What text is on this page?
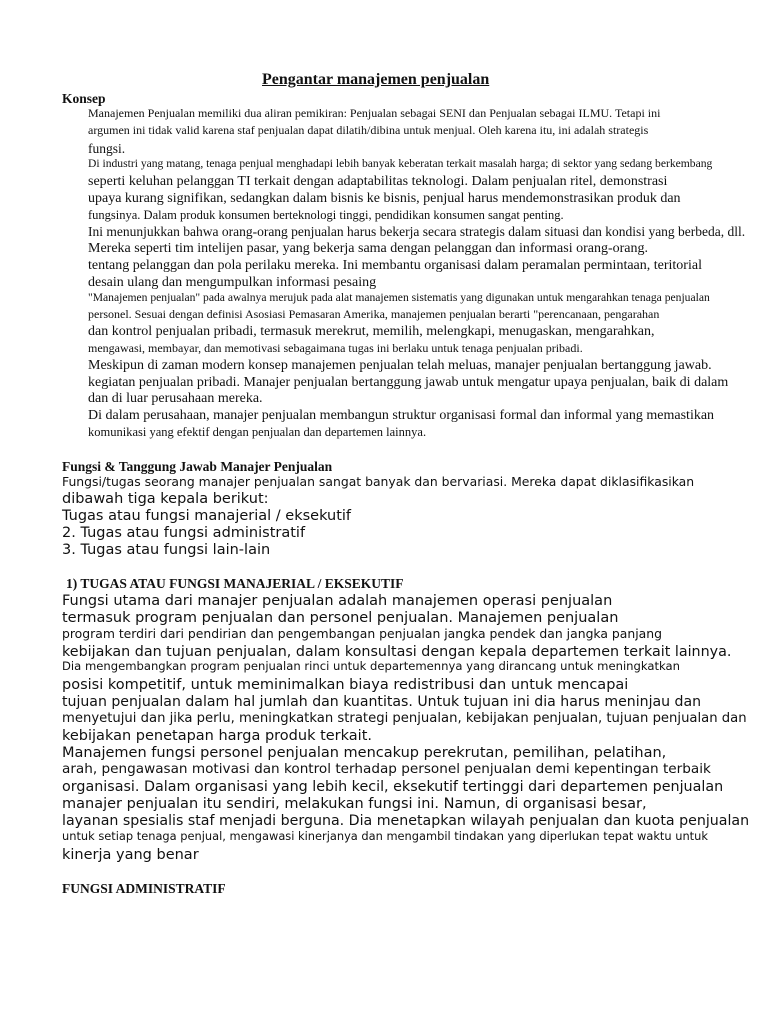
Pengantar manajemen penjualan
Konsep

Manajemen Penjualan memiliki dua aliran pemikiran: Penjualan sebagai SENI dan Penjualan sebagai ILMU. Tetapi ini

argumen ini tidak valid karena staf penjualan dapat dilatih/dibina untuk menjual. Oleh karena itu, ini adalah strategis

fungsi.

Di industri yang matang, tenaga penjual menghadapi lebih banyak keberatan terkait masalah harga; di sektor yang sedang berkembang

seperti keluhan pelanggan TI terkait dengan adaptabilitas teknologi. Dalam penjualan ritel, demonstrasi

upaya kurang signifikan, sedangkan dalam bisnis ke bisnis, penjual harus mendemonstrasikan produk dan

fungsinya. Dalam produk konsumen berteknologi tinggi, pendidikan konsumen sangat penting.

Ini menunjukkan bahwa orang-orang penjualan harus bekerja secara strategis dalam situasi dan kondisi yang berbeda, dll.

Mereka seperti tim intelijen pasar, yang bekerja sama dengan pelanggan dan informasi orang-orang.

tentang pelanggan dan pola perilaku mereka. Ini membantu organisasi dalam peramalan permintaan, teritorial

desain ulang dan mengumpulkan informasi pesaing

"Manajemen penjualan" pada awalnya merujuk pada alat manajemen sistematis yang digunakan untuk mengarahkan tenaga penjualan

personel. Sesuai dengan definisi Asosiasi Pemasaran Amerika, manajemen penjualan berarti "perencanaan, pengarahan

dan kontrol penjualan pribadi, termasuk merekrut, memilih, melengkapi, menugaskan, mengarahkan,

mengawasi, membayar, dan memotivasi sebagaimana tugas ini berlaku untuk tenaga penjualan pribadi.

Meskipun di zaman modern konsep manajemen penjualan telah meluas, manajer penjualan bertanggung jawab.

kegiatan penjualan pribadi. Manajer penjualan bertanggung jawab untuk mengatur upaya penjualan, baik di dalam

dan di luar perusahaan mereka.

Di dalam perusahaan, manajer penjualan membangun struktur organisasi formal dan informal yang memastikan

komunikasi yang efektif dengan penjualan dan departemen lainnya.

Fungsi & Tanggung Jawab Manajer Penjualan

Fungsi/tugas seorang manajer penjualan sangat banyak dan bervariasi. Mereka dapat diklasifikasikan

dibawah tiga kepala berikut:

Tugas atau fungsi manajerial / eksekutif

2. Tugas atau fungsi administratif

3. Tugas atau fungsi lain-lain

1) TUGAS ATAU FUNGSI MANAJERIAL / EKSEKUTIF

Fungsi utama dari manajer penjualan adalah manajemen operasi penjualan

termasuk program penjualan dan personel penjualan. Manajemen penjualan

program terdiri dari pendirian dan pengembangan penjualan jangka pendek dan jangka panjang

kebijakan dan tujuan penjualan, dalam konsultasi dengan kepala departemen terkait lainnya.

Dia mengembangkan program penjualan rinci untuk departemennya yang dirancang untuk meningkatkan

posisi kompetitif, untuk meminimalkan biaya redistribusi dan untuk mencapai

tujuan penjualan dalam hal jumlah dan kuantitas. Untuk tujuan ini dia harus meninjau dan

menyetujui dan jika perlu, meningkatkan strategi penjualan, kebijakan penjualan, tujuan penjualan dan

kebijakan penetapan harga produk terkait.

Manajemen fungsi personel penjualan mencakup perekrutan, pemilihan, pelatihan,

arah, pengawasan motivasi dan kontrol terhadap personel penjualan demi kepentingan terbaik

organisasi. Dalam organisasi yang lebih kecil, eksekutif tertinggi dari departemen penjualan

manajer penjualan itu sendiri, melakukan fungsi ini. Namun, di organisasi besar,

layanan spesialis staf menjadi berguna. Dia menetapkan wilayah penjualan dan kuota penjualan

untuk setiap tenaga penjual, mengawasi kinerjanya dan mengambil tindakan yang diperlukan tepat waktu untuk

kinerja yang benar

FUNGSI ADMINISTRATIF
